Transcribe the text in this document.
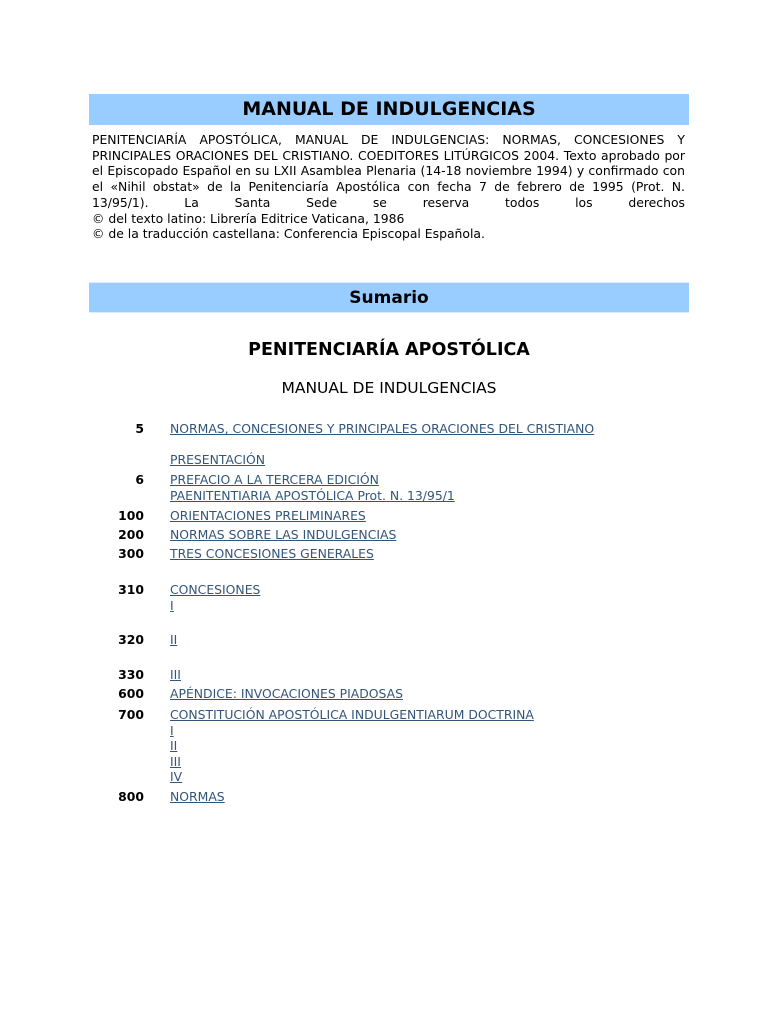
MANUAL DE INDULGENCIAS

PENITENCIARÍA APOSTÓLICA, MANUAL DE INDULGENCIAS: NORMAS, CONCESIONES Y PRINCIPALES ORACIONES DEL CRISTIANO. COEDITORES LITÚRGICOS 2004. Texto aprobado por el Episcopado Español en su LXII Asamblea Plenaria (14-18 noviembre 1994) y confirmado con el «Nihil obstat» de la Penitenciaría Apostólica con fecha 7 de febrero de 1995 (Prot. N. 13/95/1). La Santa Sede se reserva todos los derechos

© del texto latino: Librería Editrice Vaticana, 1986

© de la traducción castellana: Conferencia Episcopal Española.

Sumario
PENITENCIARÍA APOSTÓLICA
MANUAL DE INDULGENCIAS
5 NORMAS, CONCESIONES Y PRINCIPALES ORACIONES DEL CRISTIANO
PRESENTACIÓN
6 PREFACIO A LA TERCERA EDICIÓN
PAENITENTIARIA APOSTÓLICA Prot. N. 13/95/1
100 ORIENTACIONES PRELIMINARES
200 NORMAS SOBRE LAS INDULGENCIAS
300 TRES CONCESIONES GENERALES
310 CONCESIONES
I
320 II
330 III
600 APÉNDICE: INVOCACIONES PIADOSAS
700 CONSTITUCIÓN APOSTÓLICA INDULGENTIARUM DOCTRINA
I
II
III
IV
800 NORMAS
